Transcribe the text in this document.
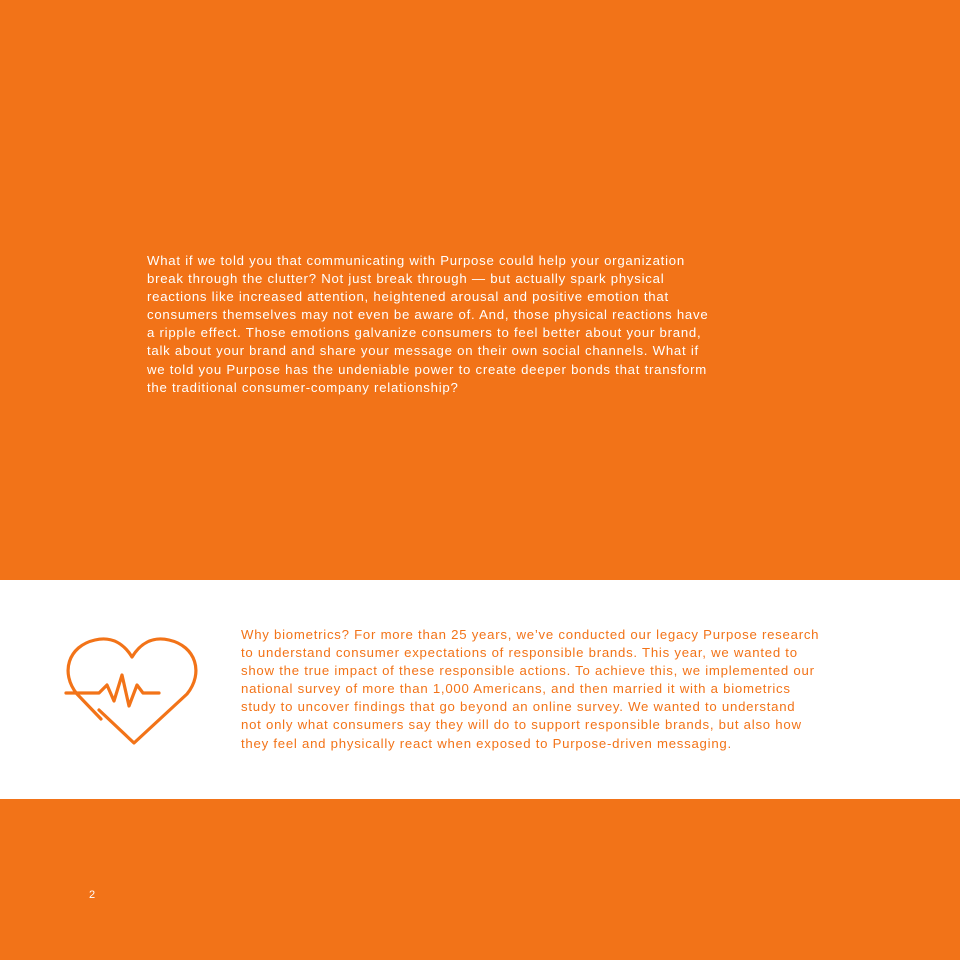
What if we told you that communicating with Purpose could help your organization
break through the clutter? Not just break through — but actually spark physical
reactions like increased attention, heightened arousal and positive emotion that
consumers themselves may not even be aware of. And, those physical reactions have
a ripple effect. Those emotions galvanize consumers to feel better about your brand,
talk about your brand and share your message on their own social channels. What if
we told you Purpose has the undeniable power to create deeper bonds that transform
the traditional consumer-company relationship?

Why biometrics? For more than 25 years, we’ve conducted our legacy Purpose research
to understand consumer expectations of responsible brands. This year, we wanted to
show the true impact of these responsible actions. To achieve this, we implemented our
national survey of more than 1,000 Americans, and then married it with a biometrics
study to uncover findings that go beyond an online survey. We wanted to understand
not only what consumers say they will do to support responsible brands, but also how
they feel and physically react when exposed to Purpose-driven messaging.

2
